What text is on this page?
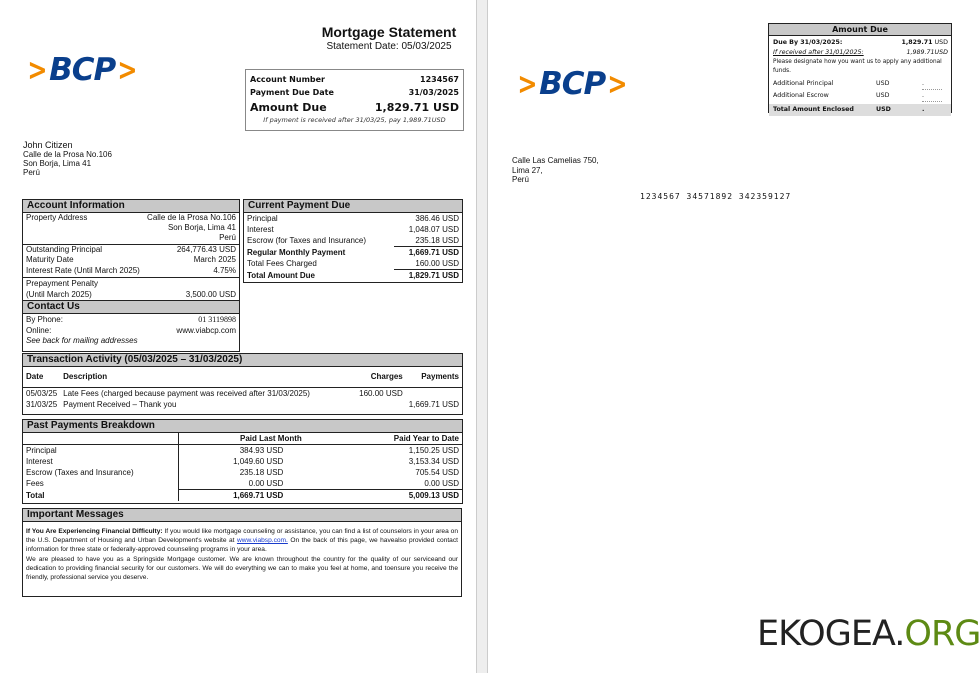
> BCP >
Mortgage Statement
Statement Date: 05/03/2025
Account Number	1234567
Payment Due Date	31/03/2025
Amount Due	1,829.71 USD
If payment is received after 31/03/25, pay 1,989.71USD
John Citizen
Calle de la Prosa No.106
Son Borja, Lima 41
Perú
Account Information
Property Address	Calle de la Prosa No.106
Son Borja, Lima 41
Perú
Outstanding Principal	264,776.43 USD
Maturity Date	March 2025
Interest Rate (Until March 2025)	4.75%
Prepayment Penalty
(Until March 2025)	3,500.00 USD
Contact Us
By Phone:	01 3119898
Online:	www.viabcp.com
See back for mailing addresses
Current Payment Due
Principal	386.46 USD
Interest	1,048.07 USD
Escrow (for Taxes and Insurance)	235.18 USD
Regular Monthly Payment	1,669.71 USD
Total Fees Charged	160.00 USD
Total Amount Due	1,829.71 USD
Transaction Activity (05/03/2025 – 31/03/2025)
Date	Description	Charges	Payments
05/03/25	Late Fees (charged because payment was received after 31/03/2025)	160.00 USD	
31/03/25	Payment Received – Thank you		1,669.71 USD
Past Payments Breakdown
	Paid Last Month	Paid Year to Date
Principal	384.93 USD	1,150.25 USD
Interest	1,049.60 USD	3,153.34 USD
Escrow (Taxes and Insurance)	235.18 USD	705.54 USD
Fees	0.00 USD	0.00 USD
Total	1,669.71 USD	5,009.13 USD
Important Messages
If You Are Experiencing Financial Difficulty: If you would like mortgage counseling or assistance, you can find a list of counselors in your area on the U.S. Department of Housing and Urban Development's website at www.viabsp.com. On the back of this page, we havealso provided contact information for three state or federally-approved counseling programs in your area.
We are pleased to have you as a Springside Mortgage customer. We are known throughout the country for the quality of our serviceand our dedication to providing financial security for our customers. We will do everything we can to make you feel at home, and toensure you receive the friendly, professional service you deserve.
> BCP >
Amount Due
Due By 31/03/2025:	1,829.71
USD
If received after 31/01/2025:	1,989.71USD
Please designate how you want us to apply any additional funds.
Additional Principal	USD	.
Additional Escrow	USD	.
Total Amount Enclosed	USD	.
Calle Las Camelias 750,
Lima 27,
Perú
1234567 34571892 342359127
EKOGEA.ORG
